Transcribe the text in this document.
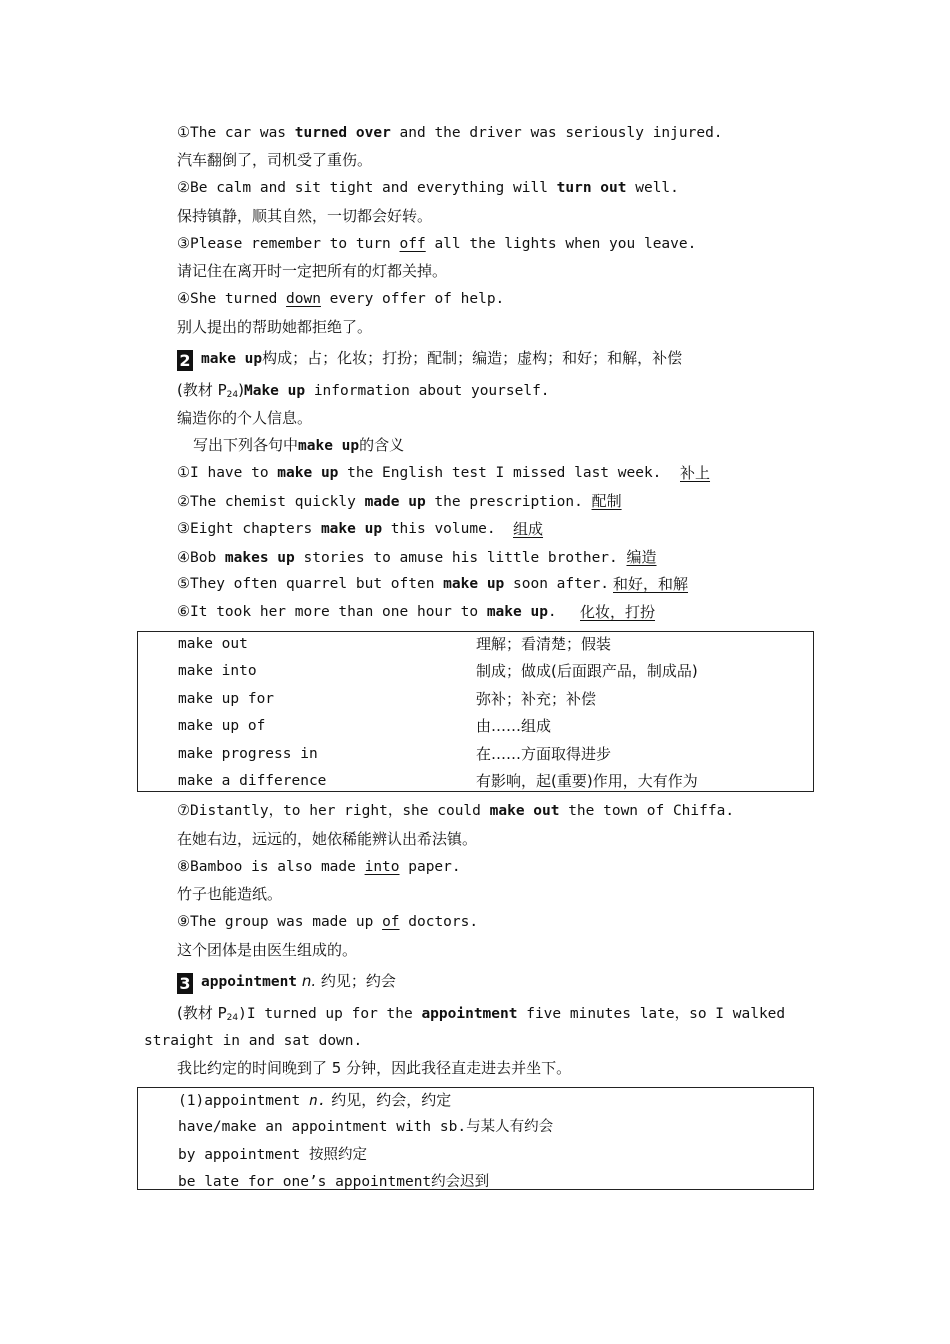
①The car was turned over and the driver was seriously injured.
汽车翻倒了，司机受了重伤。
②Be calm and sit tight and everything will turn out well.
保持镇静，顺其自然，一切都会好转。
③Please remember to turn off all the lights when you leave.
请记住在离开时一定把所有的灯都关掉。
④She turned down every offer of help.
别人提出的帮助她都拒绝了。
2 make up构成；占；化妆；打扮；配制；编造；虚构；和好；和解，补偿
(教材 $P_{24})Make$ up information about yourself.
编造你的个人信息。
写出下列各句中make up的含义
①I have to make up the English test I missed last week. 补上
②The chemist quickly made up the prescription. 配制
③Eight chapters make up this volume. 组成
④Bob makes up stories to amuse his little brother. 编造
⑤They often quarrel but often make up soon after. 和好，和解
⑥It took her more than one hour to make up. 化妆，打扮
make out	理解；看清楚；假装
make into	制成；做成(后面跟产品，制成品)
make up for	弥补；补充；补偿
make up of	由……组成
make progress in	在……方面取得进步
make a difference	有影响，起(重要)作用，大有作为
⑦Distantly，to her right，she could make out the town of Chiffa.
在她右边，远远的，她依稀能辨认出希法镇。
⑧Bamboo is also made into paper.
竹子也能造纸。
⑨The group was made up of doctors.
这个团体是由医生组成的。
3 appointment n. 约见；约会
(教材 $P_{24})I$ turned up for the appointment five minutes late，so I walked
straight in and sat down.
我比约定的时间晚到了 5 分钟，因此我径直走进去并坐下。
(1)appointment n. 约见，约会，约定
have/make an appointment with sb.与某人有约会
by appointment 按照约定
be late for one’s appointment约会迟到
